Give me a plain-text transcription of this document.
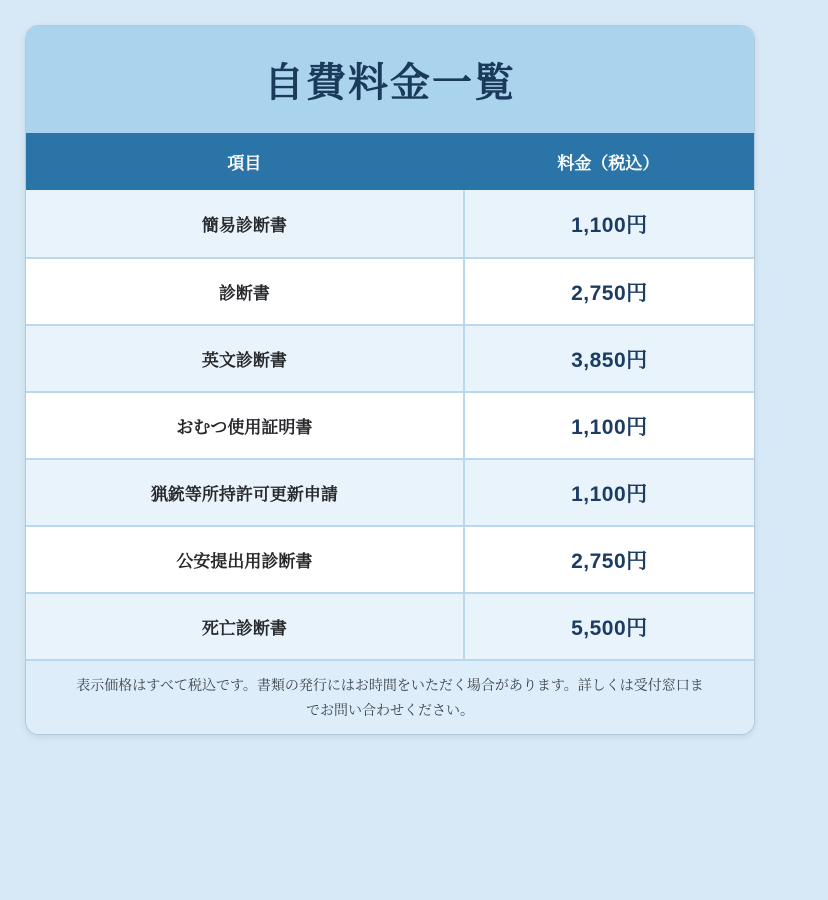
自費料金一覧
項目	料金（税込）
簡易診断書	1,100円
診断書	2,750円
英文診断書	3,850円
おむつ使用証明書	1,100円
猟銃等所持許可更新申請	1,100円
公安提出用診断書	2,750円
死亡診断書	5,500円

表示価格はすべて税込です。書類の発行にはお時間をいただく場合があります。詳しくは受付窓口までお問い合わせください。
